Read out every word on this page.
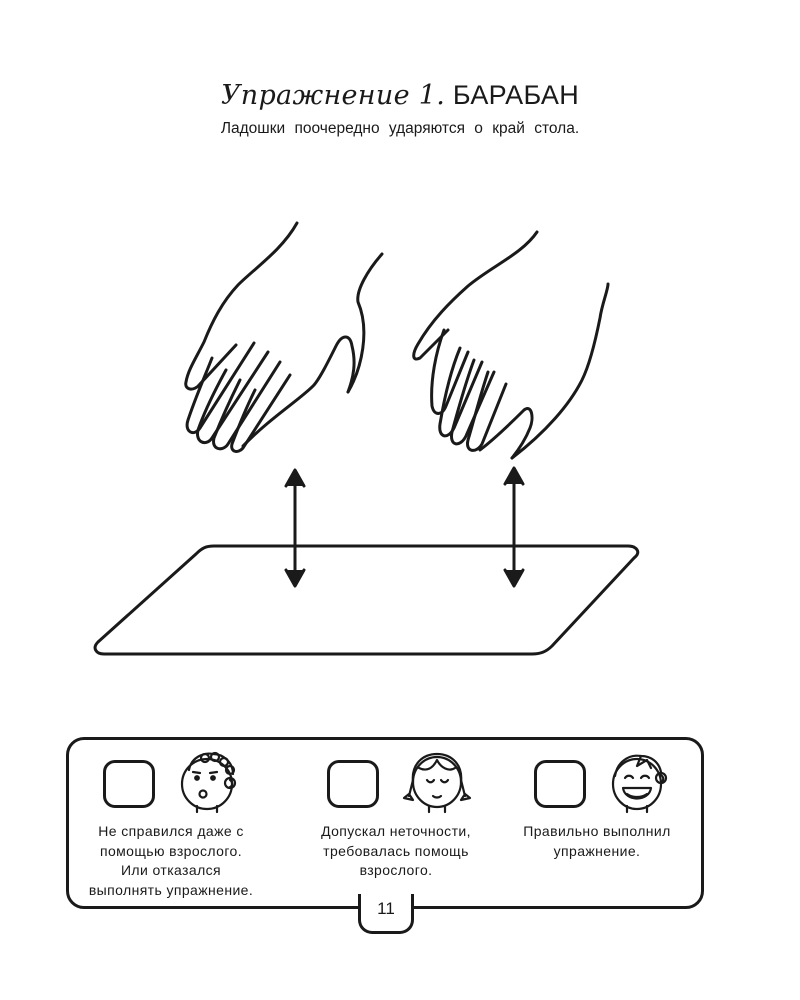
Упражнение 1. БАРАБАН
Ладошки поочередно ударяются о край стола.
Не справился даже с
помощью взрослого.
Или отказался
выполнять упражнение.
Допускал неточности,
требовалась помощь
взрослого.
Правильно выполнил
упражнение.
11
